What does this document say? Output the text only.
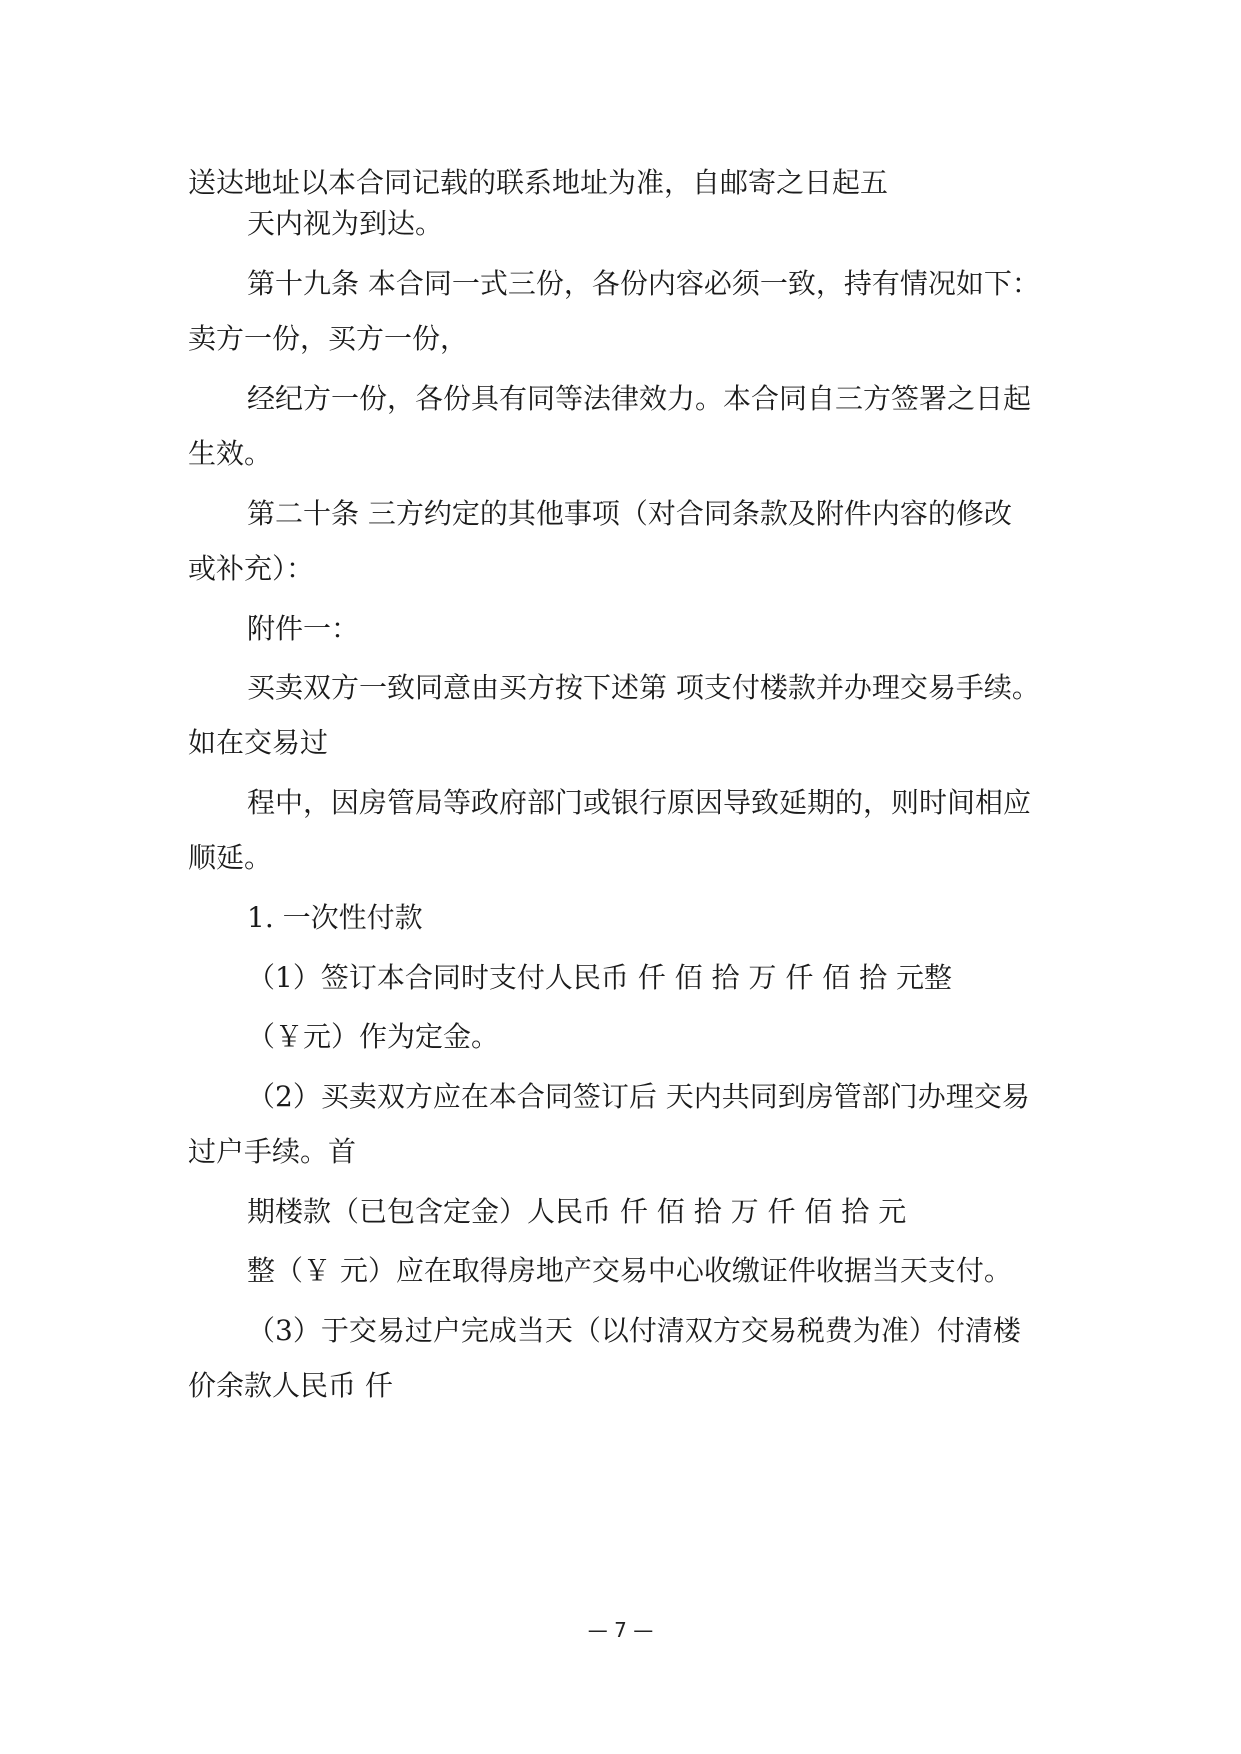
送达地址以本合同记载的联系地址为准，自邮寄之日起五

天内视为到达。

第十九条 本合同一式三份，各份内容必须一致，持有情况如下：

卖方一份，买方一份，

经纪方一份，各份具有同等法律效力。本合同自三方签署之日起

生效。

第二十条 三方约定的其他事项（对合同条款及附件内容的修改

或补充）：

附件一：

买卖双方一致同意由买方按下述第 项支付楼款并办理交易手续。

如在交易过

程中，因房管局等政府部门或银行原因导致延期的，则时间相应

顺延。

1. 一次性付款

（1）签订本合同时支付人民币 仟 佰 拾 万 仟 佰 拾 元整

（￥元）作为定金。

（2）买卖双方应在本合同签订后 天内共同到房管部门办理交易

过户手续。首

期楼款（已包含定金）人民币 仟 佰 拾 万 仟 佰 拾 元

整（￥ 元）应在取得房地产交易中心收缴证件收据当天支付。

（3）于交易过户完成当天（以付清双方交易税费为准）付清楼

价余款人民币 仟

— 7 —
